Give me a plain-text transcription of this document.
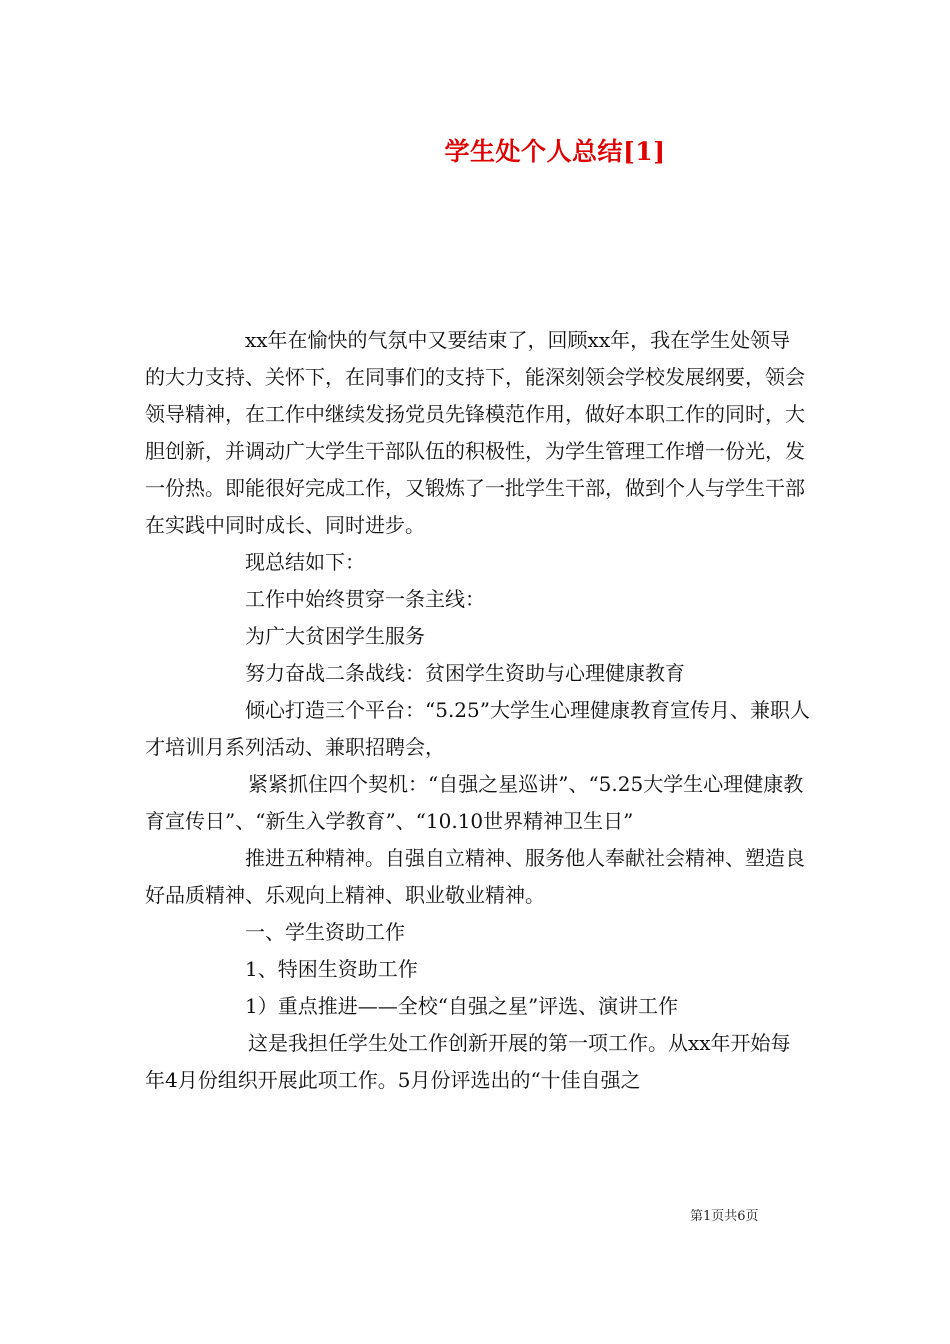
学生处个人总结[1]

xx年在愉快的气氛中又要结束了，回顾xx年，我在学生处领导的大力支持、关怀下，在同事们的支持下，能深刻领会学校发展纲要，领会领导精神，在工作中继续发扬党员先锋模范作用，做好本职工作的同时，大胆创新，并调动广大学生干部队伍的积极性，为学生管理工作增一份光，发一份热。即能很好完成工作，又锻炼了一批学生干部，做到个人与学生干部在实践中同时成长、同时进步。

现总结如下：

工作中始终贯穿一条主线：

为广大贫困学生服务

努力奋战二条战线：贫困学生资助与心理健康教育

倾心打造三个平台：“5.25”大学生心理健康教育宣传月、兼职人才培训月系列活动、兼职招聘会，

紧紧抓住四个契机：“自强之星巡讲”、“5.25大学生心理健康教育宣传日”、“新生入学教育”、“10.10世界精神卫生日”

推进五种精神。自强自立精神、服务他人奉献社会精神、塑造良好品质精神、乐观向上精神、职业敬业精神。

一、学生资助工作

1、特困生资助工作

1）重点推进——全校“自强之星”评选、演讲工作

这是我担任学生处工作创新开展的第一项工作。从xx年开始每年4月份组织开展此项工作。5月份评选出的“十佳自强之

第1页共6页
